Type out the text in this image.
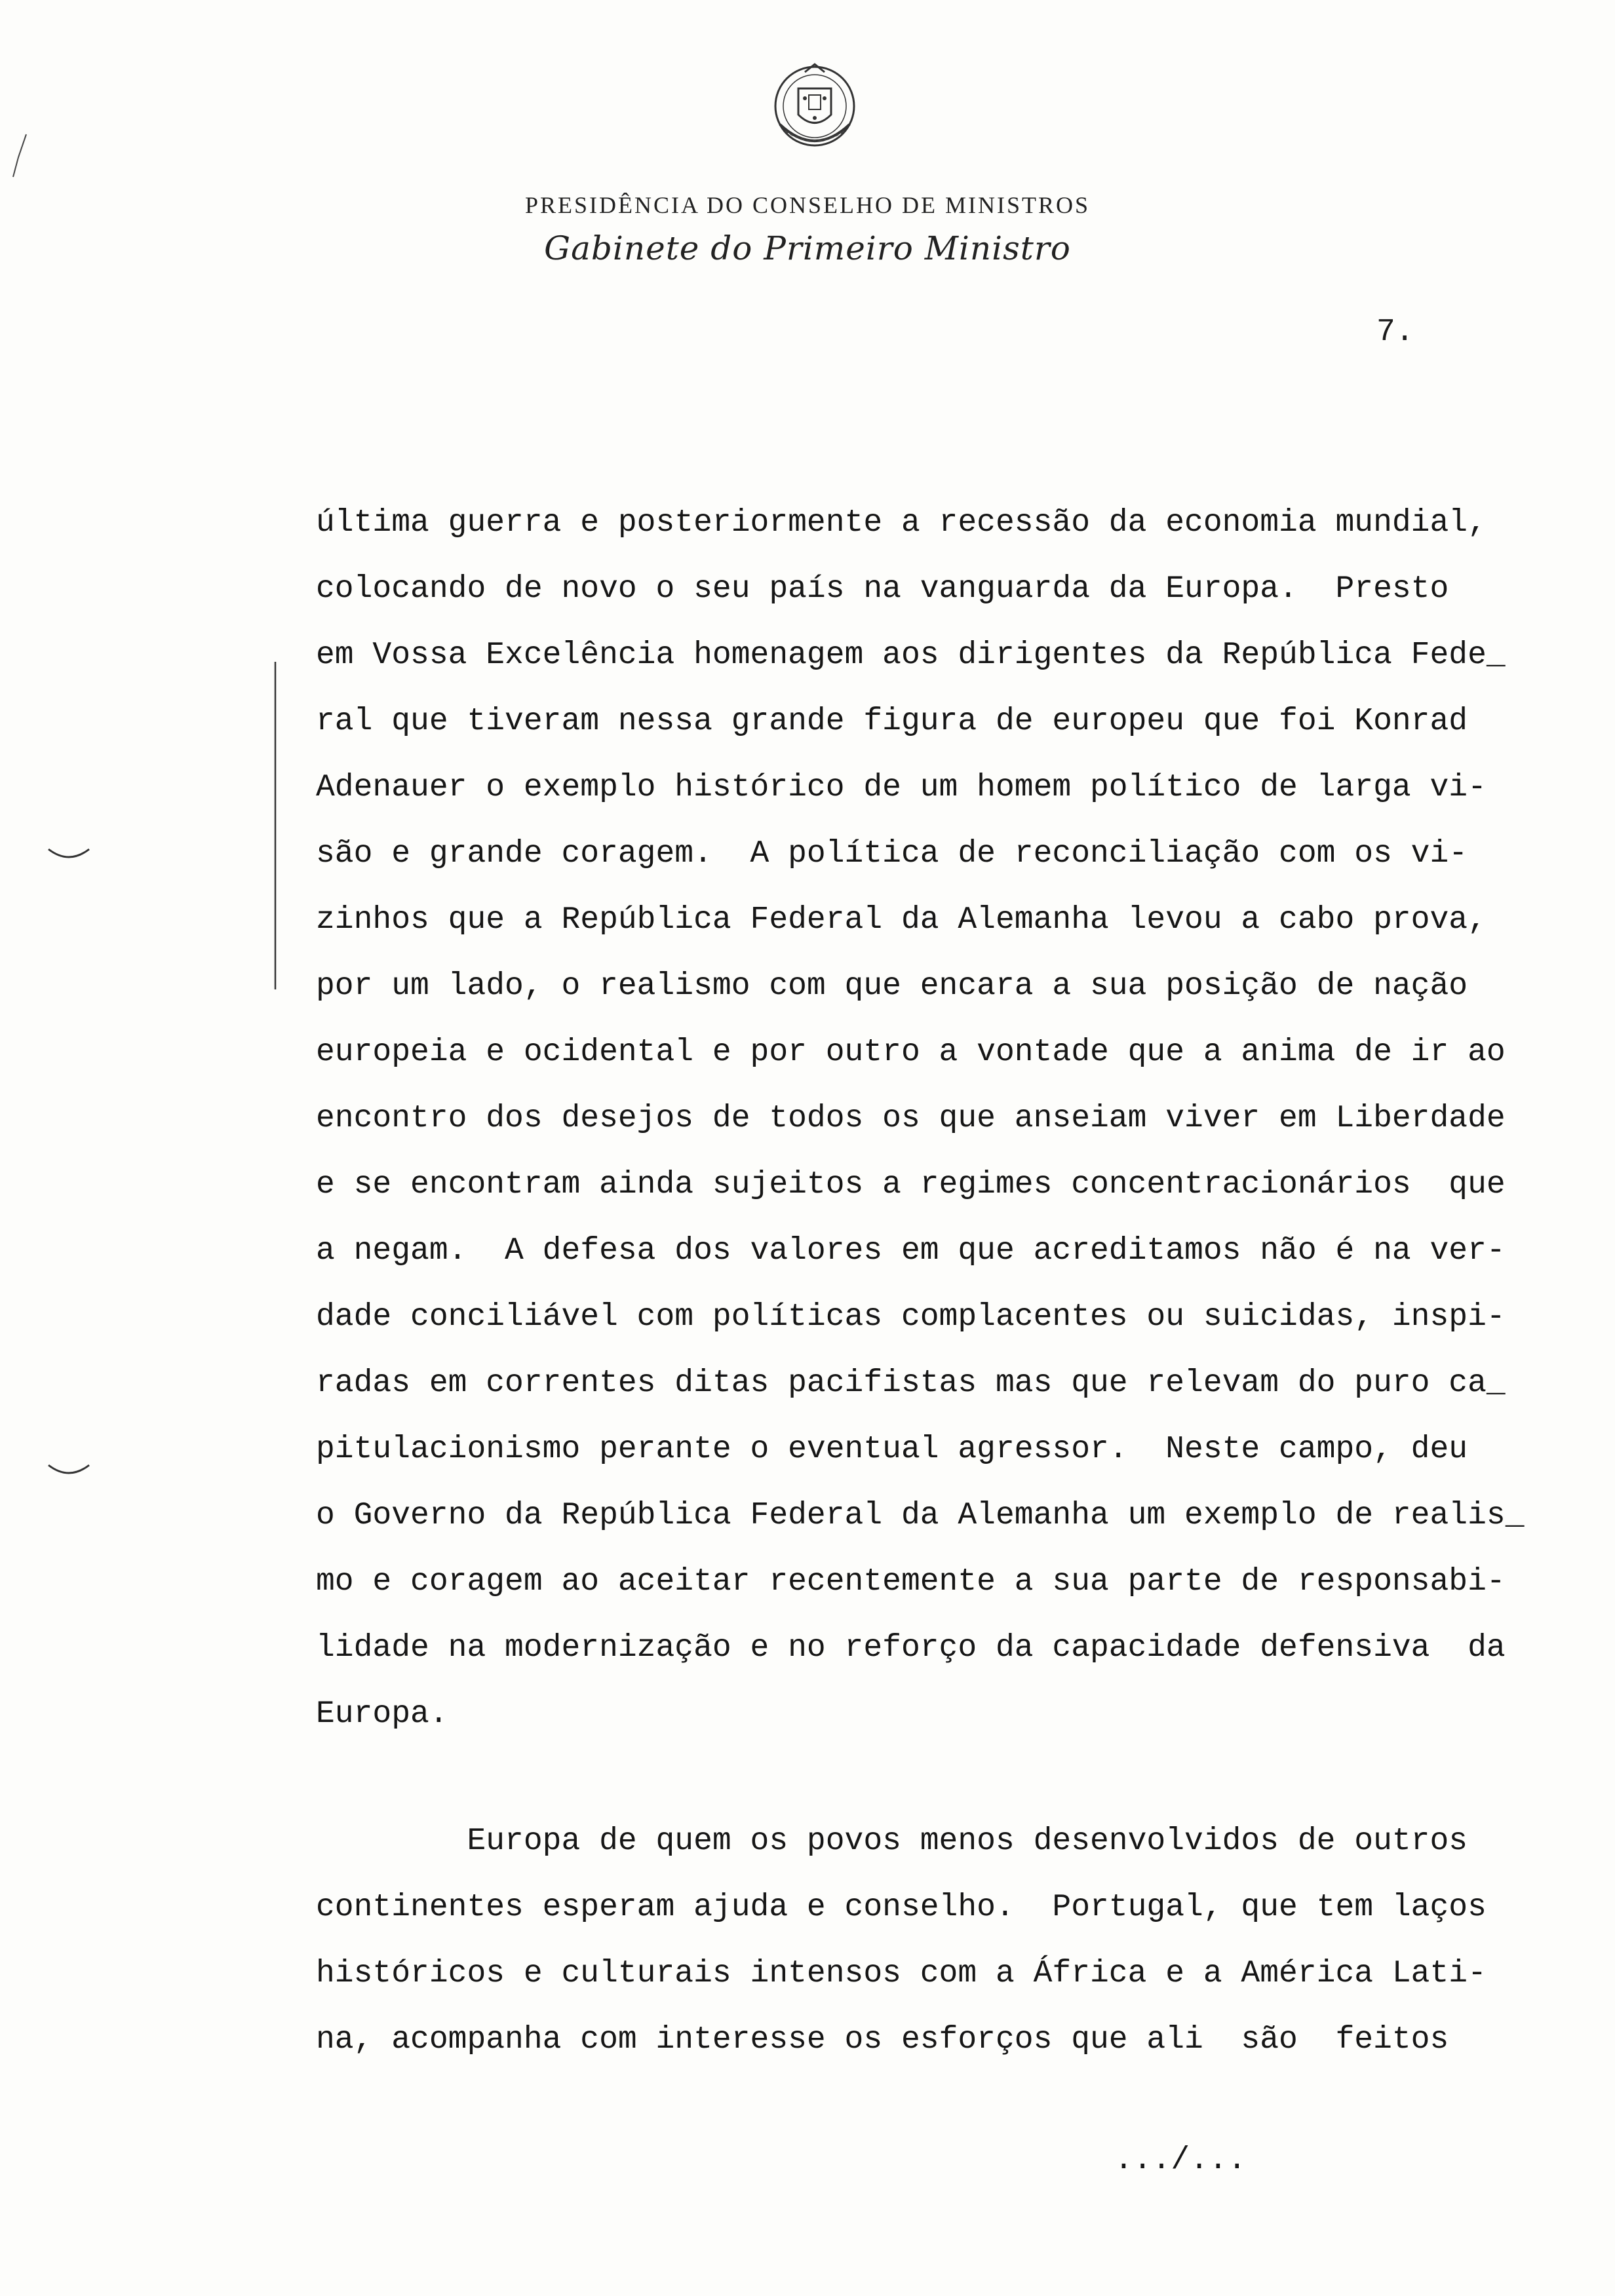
PRESIDÊNCIA DO CONSELHO DE MINISTROS
Gabinete do Primeiro Ministro
7.

última guerra e posteriormente a recessão da economia mundial,

colocando de novo o seu país na vanguarda da Europa.  Presto

em Vossa Excelência homenagem aos dirigentes da República Fede_

ral que tiveram nessa grande figura de europeu que foi Konrad

Adenauer o exemplo histórico de um homem político de larga vi-

são e grande coragem.  A política de reconciliação com os vi-

zinhos que a República Federal da Alemanha levou a cabo prova,

por um lado, o realismo com que encara a sua posição de nação

europeia e ocidental e por outro a vontade que a anima de ir ao

encontro dos desejos de todos os que anseiam viver em Liberdade

e se encontram ainda sujeitos a regimes concentracionários  que

a negam.  A defesa dos valores em que acreditamos não é na ver-

dade conciliável com políticas complacentes ou suicidas, inspi-

radas em correntes ditas pacifistas mas que relevam do puro ca_

pitulacionismo perante o eventual agressor.  Neste campo, deu

o Governo da República Federal da Alemanha um exemplo de realis_

mo e coragem ao aceitar recentemente a sua parte de responsabi-

lidade na modernização e no reforço da capacidade defensiva  da

Europa.

Europa de quem os povos menos desenvolvidos de outros

continentes esperam ajuda e conselho.  Portugal, que tem laços

históricos e culturais intensos com a África e a América Lati-

na, acompanha com interesse os esforços que ali  são  feitos

.../...
